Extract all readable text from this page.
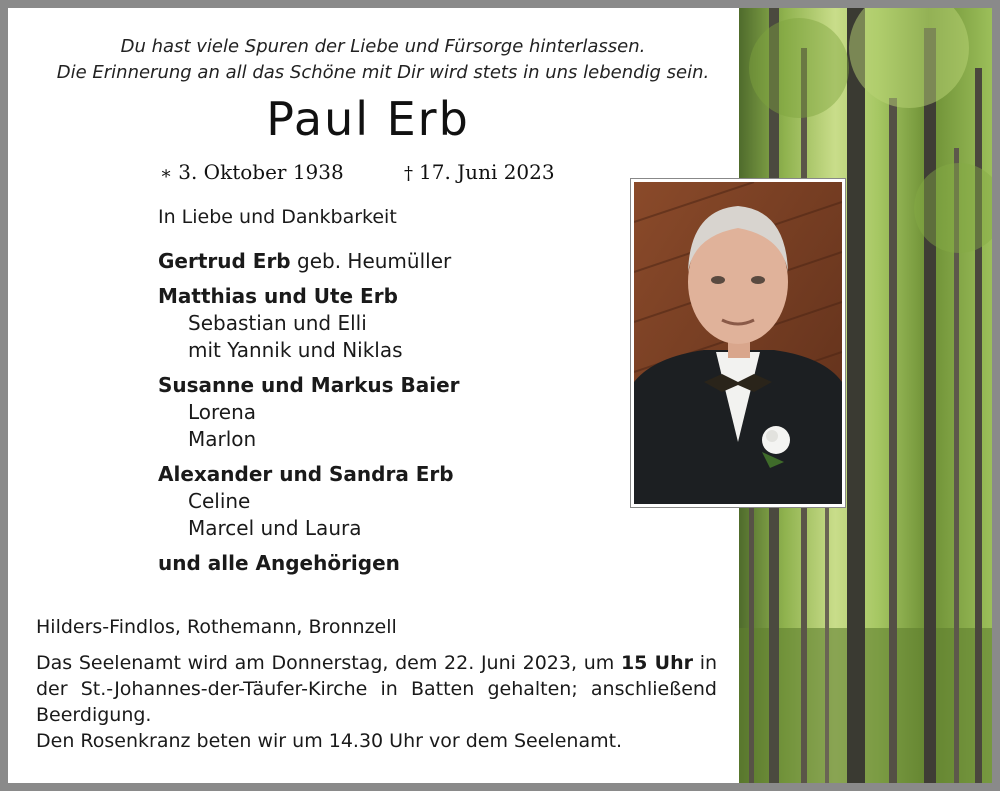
Du hast viele Spuren der Liebe und Fürsorge hinterlassen.
Die Erinnerung an all das Schöne mit Dir wird stets in uns lebendig sein.
Paul Erb
∗ 3. Oktober 1938	† 17. Juni 2023
In Liebe und Dankbarkeit
Gertrud Erb geb. Heumüller
Matthias und Ute Erb
Sebastian und Elli
mit Yannik und Niklas
Susanne und Markus Baier
Lorena
Marlon
Alexander und Sandra Erb
Celine
Marcel und Laura
und alle Angehörigen
Hilders-Findlos, Rothemann, Bronnzell
Das Seelenamt wird am Donnerstag, dem 22. Juni 2023, um 15 Uhr in der St.-Johannes-der-Täufer-Kirche in Batten gehalten; anschließend Beerdigung.
Den Rosenkranz beten wir um 14.30 Uhr vor dem Seelenamt.
